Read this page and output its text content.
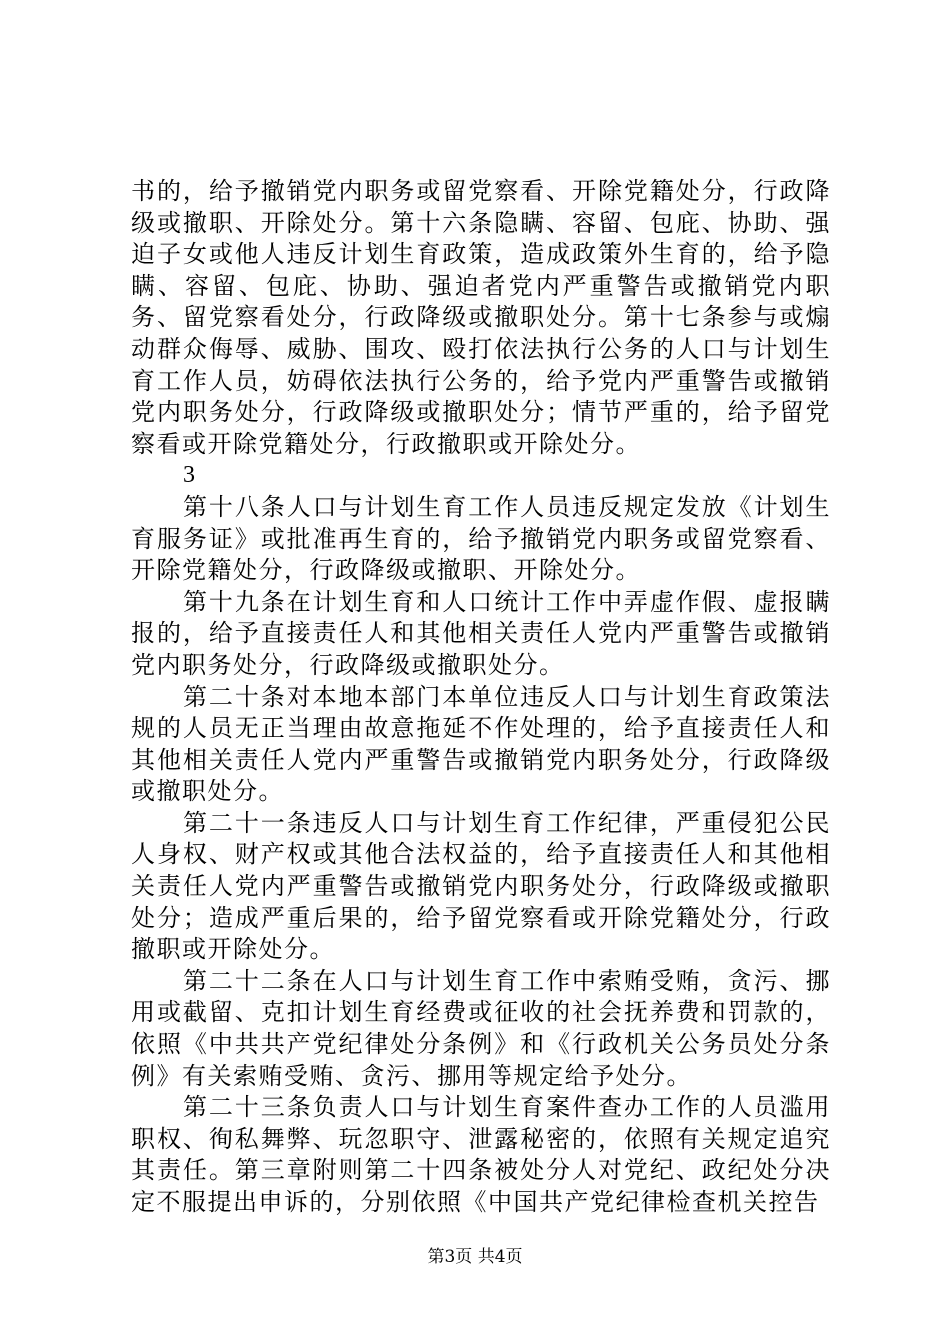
书的，给予撤销党内职务或留党察看、开除党籍处分，行政降级或撤职、开除处分。第十六条隐瞒、容留、包庇、协助、强迫子女或他人违反计划生育政策，造成政策外生育的，给予隐瞒、容留、包庇、协助、强迫者党内严重警告或撤销党内职务、留党察看处分，行政降级或撤职处分。第十七条参与或煽动群众侮辱、威胁、围攻、殴打依法执行公务的人口与计划生育工作人员，妨碍依法执行公务的，给予党内严重警告或撤销党内职务处分，行政降级或撤职处分；情节严重的，给予留党察看或开除党籍处分，行政撤职或开除处分。

3

第十八条人口与计划生育工作人员违反规定发放《计划生育服务证》或批准再生育的，给予撤销党内职务或留党察看、开除党籍处分，行政降级或撤职、开除处分。

第十九条在计划生育和人口统计工作中弄虚作假、虚报瞒报的，给予直接责任人和其他相关责任人党内严重警告或撤销党内职务处分，行政降级或撤职处分。

第二十条对本地本部门本单位违反人口与计划生育政策法规的人员无正当理由故意拖延不作处理的，给予直接责任人和其他相关责任人党内严重警告或撤销党内职务处分，行政降级或撤职处分。

第二十一条违反人口与计划生育工作纪律，严重侵犯公民人身权、财产权或其他合法权益的，给予直接责任人和其他相关责任人党内严重警告或撤销党内职务处分，行政降级或撤职处分；造成严重后果的，给予留党察看或开除党籍处分，行政撤职或开除处分。

第二十二条在人口与计划生育工作中索贿受贿，贪污、挪用或截留、克扣计划生育经费或征收的社会抚养费和罚款的，依照《中共共产党纪律处分条例》和《行政机关公务员处分条例》有关索贿受贿、贪污、挪用等规定给予处分。

第二十三条负责人口与计划生育案件查办工作的人员滥用职权、徇私舞弊、玩忽职守、泄露秘密的，依照有关规定追究其责任。第三章附则第二十四条被处分人对党纪、政纪处分决定不服提出申诉的，分别依照《中国共产党纪律检查机关控告

第3页 共4页
